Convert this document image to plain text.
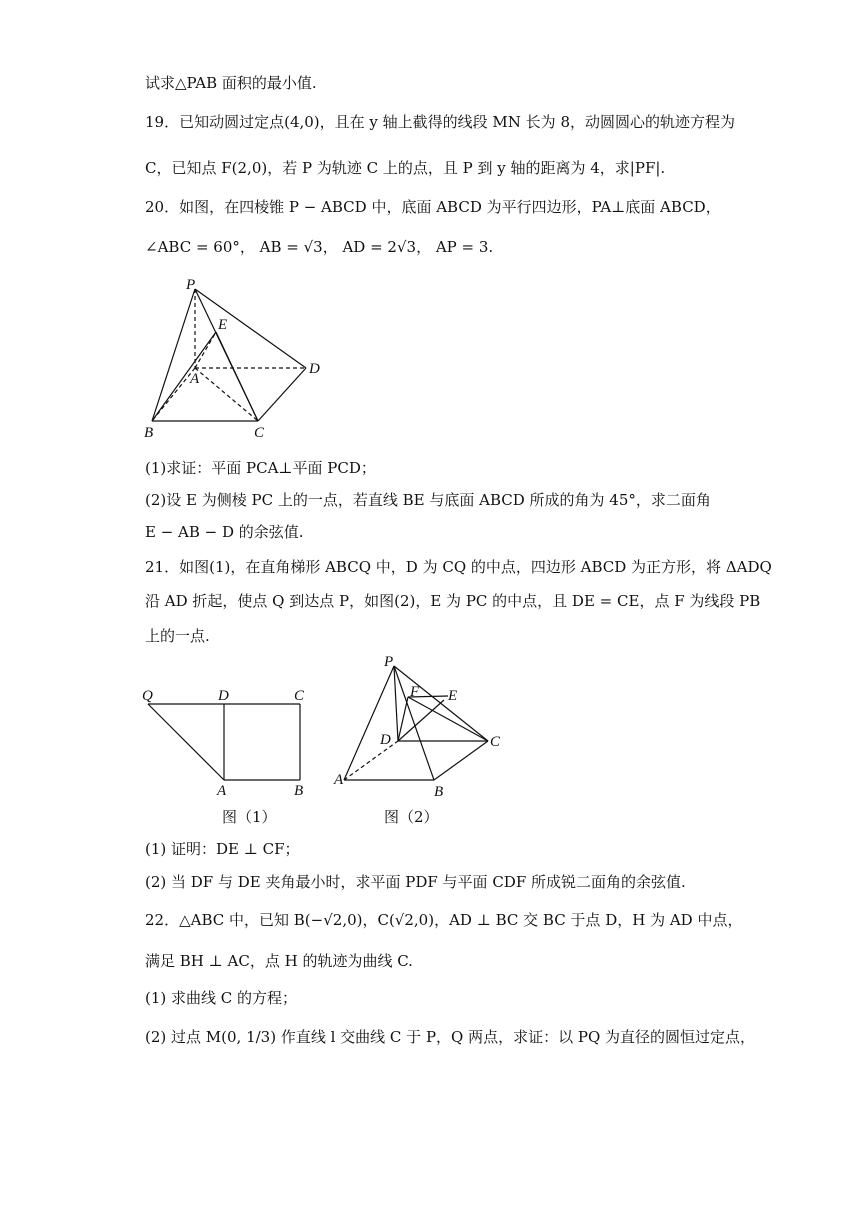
试求△PAB 面积的最小值.
19．已知动圆过定点(4,0)，且在 y 轴上截得的线段 MN 长为 8，动圆圆心的轨迹方程为
C，已知点 F(2,0)，若 P 为轨迹 C 上的点，且 P 到 y 轴的距离为 4，求|PF|.
20．如图，在四棱锥 P − ABCD 中，底面 ABCD 为平行四边形，PA⊥底面 ABCD，
∠ABC = 60°， AB = √3， AD = 2√3， AP = 3.
P
E
A
D
B	C
(1)求证：平面 PCA⊥平面 PCD；
(2)设 E 为侧棱 PC 上的一点，若直线 BE 与底面 ABCD 所成的角为 45°，求二面角
E − AB − D 的余弦值.
21．如图(1)，在直角梯形 ABCQ 中，D 为 CQ 的中点，四边形 ABCD 为正方形，将 ΔADQ
沿 AD 折起，使点 Q 到达点 P，如图(2)，E 为 PC 的中点，且 DE = CE，点 F 为线段 PB
上的一点.
Q	D	C
A	B
图（1）
P
F E
D	C
A
B
图（2）
(1) 证明：DE ⊥ CF；
(2) 当 DF 与 DE 夹角最小时，求平面 PDF 与平面 CDF 所成锐二面角的余弦值.
22．△ABC 中，已知 B(−√2,0)，C(√2,0)，AD ⊥ BC 交 BC 于点 D，H 为 AD 中点，
满足 BH ⊥ AC，点 H 的轨迹为曲线 C.
(1) 求曲线 C 的方程；
(2) 过点 M(0, 1/3) 作直线 l 交曲线 C 于 P，Q 两点，求证：以 PQ 为直径的圆恒过定点，
